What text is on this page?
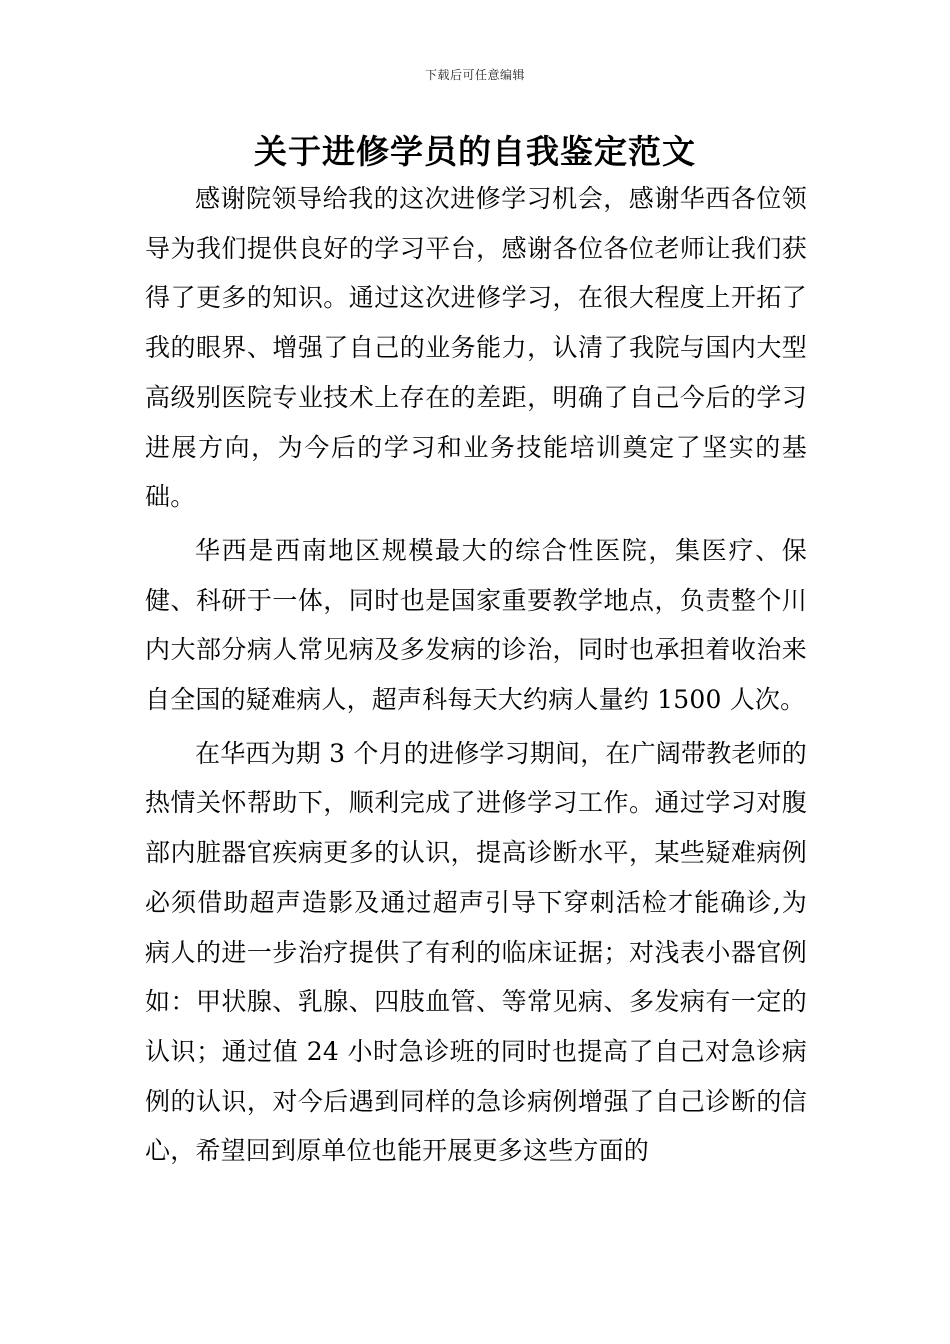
下载后可任意编辑
关于进修学员的自我鉴定范文

感谢院领导给我的这次进修学习机会，感谢华西各位领导为我们提供良好的学习平台，感谢各位各位老师让我们获得了更多的知识。通过这次进修学习，在很大程度上开拓了我的眼界、增强了自己的业务能力，认清了我院与国内大型高级别医院专业技术上存在的差距，明确了自己今后的学习进展方向，为今后的学习和业务技能培训奠定了坚实的基础。

华西是西南地区规模最大的综合性医院，集医疗、保健、科研于一体，同时也是国家重要教学地点，负责整个川内大部分病人常见病及多发病的诊治，同时也承担着收治来自全国的疑难病人，超声科每天大约病人量约 1500 人次。

在华西为期 3 个月的进修学习期间，在广阔带教老师的热情关怀帮助下，顺利完成了进修学习工作。通过学习对腹部内脏器官疾病更多的认识，提高诊断水平，某些疑难病例必须借助超声造影及通过超声引导下穿刺活检才能确诊,为病人的进一步治疗提供了有利的临床证据；对浅表小器官例如：甲状腺、乳腺、四肢血管、等常见病、多发病有一定的认识；通过值 24 小时急诊班的同时也提高了自己对急诊病例的认识，对今后遇到同样的急诊病例增强了自己诊断的信心，希望回到原单位也能开展更多这些方面的
